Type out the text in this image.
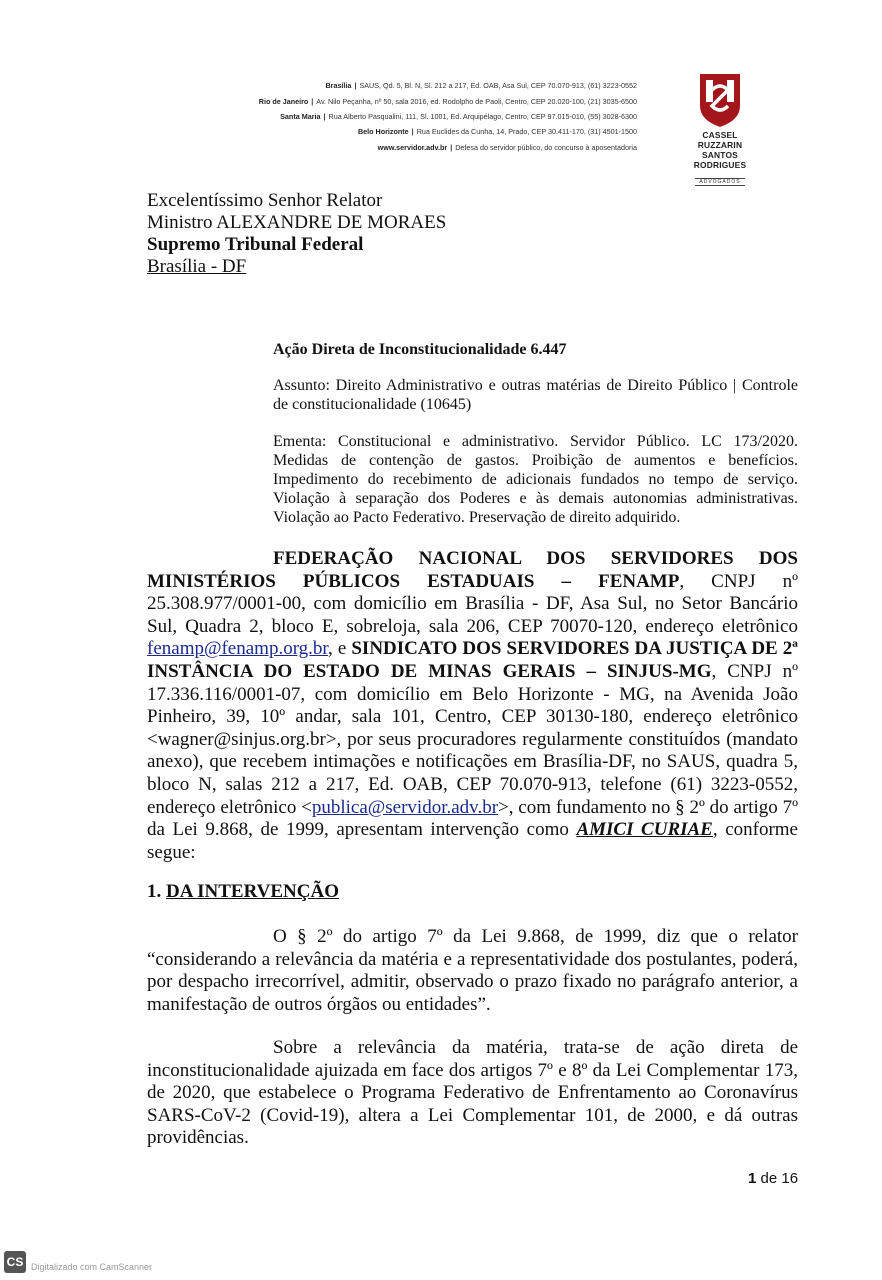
Brasília | SAUS, Qd. 5, Bl. N, Sl. 212 a 217, Ed. OAB, Asa Sul, CEP 70.070-913, (61) 3223-0552
Rio de Janeiro | Av. Nilo Peçanha, nº 50, sala 2016, ed. Rodolpho de Paoli, Centro, CEP 20.020-100, (21) 3035-6500
Santa Maria | Rua Alberto Pasqualini, 111, Sl. 1001, Ed. Arquipélago, Centro, CEP 97.015-010, (55) 3028-6300
Belo Horizonte | Rua Euclides da Cunha, 14, Prado, CEP 30.411-170, (31) 4501-1500
www.servidor.adv.br | Defesa do servidor público, do concurso à aposentadoria
CASSEL RUZZARIN
SANTOS RODRIGUES
ADVOGADOS
Excelentíssimo Senhor Relator
Ministro ALEXANDRE DE MORAES
Supremo Tribunal Federal
Brasília - DF
Ação Direta de Inconstitucionalidade 6.447
Assunto: Direito Administrativo e outras matérias de Direito Público | Controle de constitucionalidade (10645)
Ementa: Constitucional e administrativo. Servidor Público. LC 173/2020. Medidas de contenção de gastos. Proibição de aumentos e benefícios. Impedimento do recebimento de adicionais fundados no tempo de serviço. Violação à separação dos Poderes e às demais autonomias administrativas. Violação ao Pacto Federativo. Preservação de direito adquirido.
FEDERAÇÃO NACIONAL DOS SERVIDORES DOS MINISTÉRIOS PÚBLICOS ESTADUAIS – FENAMP, CNPJ nº 25.308.977/0001-00, com domicílio em Brasília - DF, Asa Sul, no Setor Bancário Sul, Quadra 2, bloco E, sobreloja, sala 206, CEP 70070-120, endereço eletrônico fenamp@fenamp.org.br, e SINDICATO DOS SERVIDORES DA JUSTIÇA DE 2ª INSTÂNCIA DO ESTADO DE MINAS GERAIS – SINJUS-MG, CNPJ nº 17.336.116/0001-07, com domicílio em Belo Horizonte - MG, na Avenida João Pinheiro, 39, 10º andar, sala 101, Centro, CEP 30130-180, endereço eletrônico <wagner@sinjus.org.br>, por seus procuradores regularmente constituídos (mandato anexo), que recebem intimações e notificações em Brasília-DF, no SAUS, quadra 5, bloco N, salas 212 a 217, Ed. OAB, CEP 70.070-913, telefone (61) 3223-0552, endereço eletrônico <publica@servidor.adv.br>, com fundamento no § 2º do artigo 7º da Lei 9.868, de 1999, apresentam intervenção como AMICI CURIAE, conforme segue:
1. DA INTERVENÇÃO
O § 2º do artigo 7º da Lei 9.868, de 1999, diz que o relator “considerando a relevância da matéria e a representatividade dos postulantes, poderá, por despacho irrecorrível, admitir, observado o prazo fixado no parágrafo anterior, a manifestação de outros órgãos ou entidades”.
Sobre a relevância da matéria, trata-se de ação direta de inconstitucionalidade ajuizada em face dos artigos 7º e 8º da Lei Complementar 173, de 2020, que estabelece o Programa Federativo de Enfrentamento ao Coronavírus SARS-CoV-2 (Covid-19), altera a Lei Complementar 101, de 2000, e dá outras providências.
1 de 16
CS Digitalizado com CamScanner
